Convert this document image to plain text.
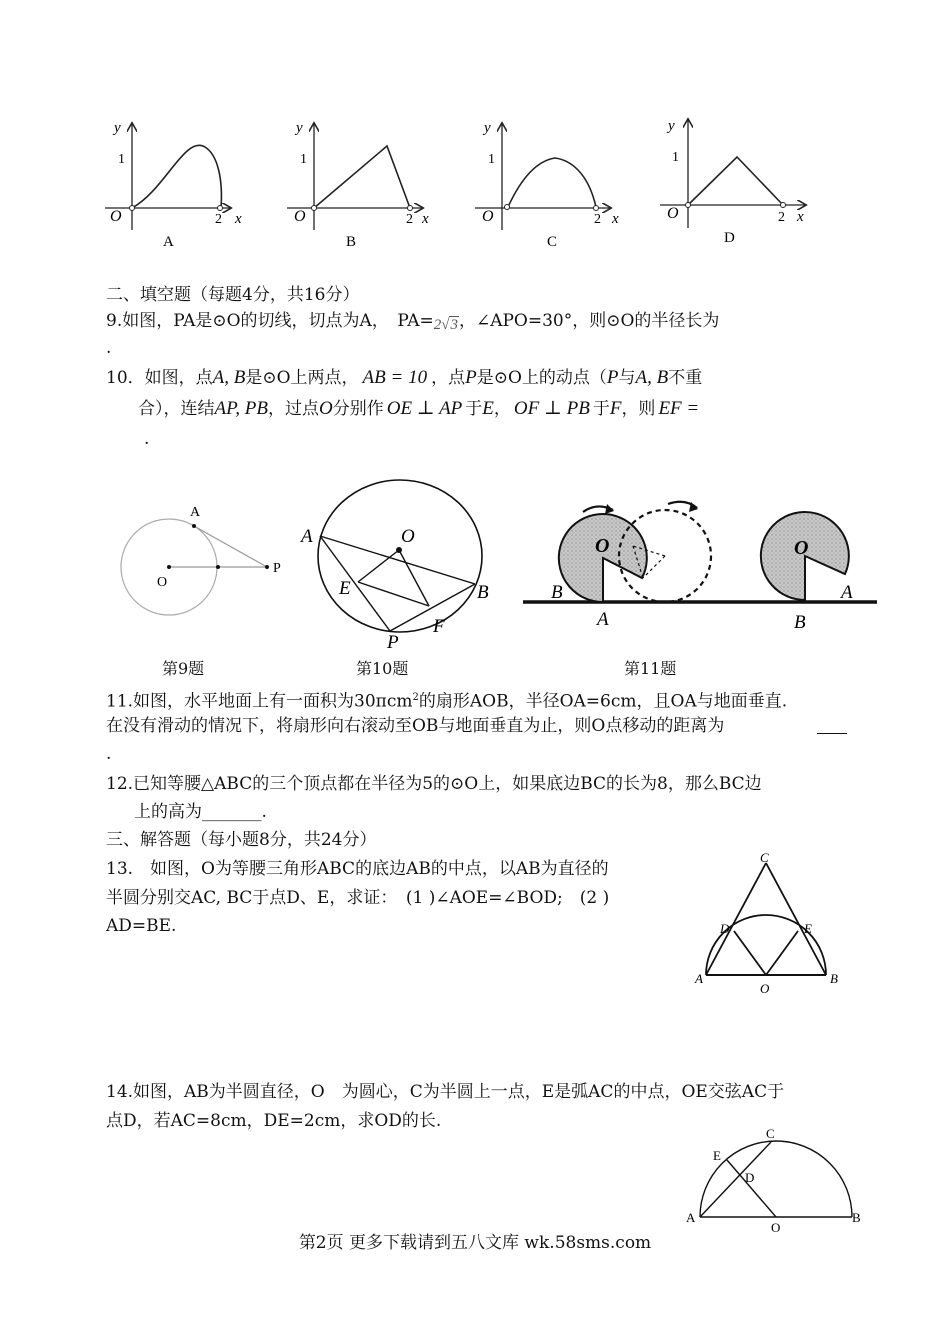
y
1
O	2 x
A
y
1
O	2 x
B
y
1
O	2 x
C
y
1
O	2 x
D
二、填空题（每题4分，共16分）
9.如图，PA是⊙O的切线，切点为A，　PA=2√3，∠APO=30°，则⊙O的半径长为
.
10．如图，点A, B是⊙O上两点， AB = 10 ，点P是⊙O上的动点（P与A, B不重
合），连结AP, PB，过点O分别作 OE ⊥ AP 于E， OF ⊥ PB 于F，则 EF =
.
A
O
P
A	O
E	B
F
P
O
B
A
O
A
B
第9题	第10题	第11题
11.如图，水平地面上有一面积为30πcm$^2$的扇形AOB，半径OA=6cm，且OA与地面垂直.
在没有滑动的情况下，将扇形向右滚动至OB与地面垂直为止，则O点移动的距离为
.
12.已知等腰△ABC的三个顶点都在半径为5的⊙O上，如果底边BC的长为8，那么BC边
上的高为_______.
三、解答题（每小题8分，共24分）
13.　如图，O为等腰三角形ABC的底边AB的中点，以AB为直径的
半圆分别交AC, BC于点D、E，求证：　(1 )∠AOE=∠BOD;　(2 )
AD=BE.
C
D	E
A
O
B
14.如图，AB为半圆直径，O　为圆心，C为半圆上一点，E是弧AC的中点，OE交弦AC于
点D，若AC=8cm，DE=2cm，求OD的长.
C
E
D
A
O
B
第2页 更多下载请到五八文库 wk.58sms.com
